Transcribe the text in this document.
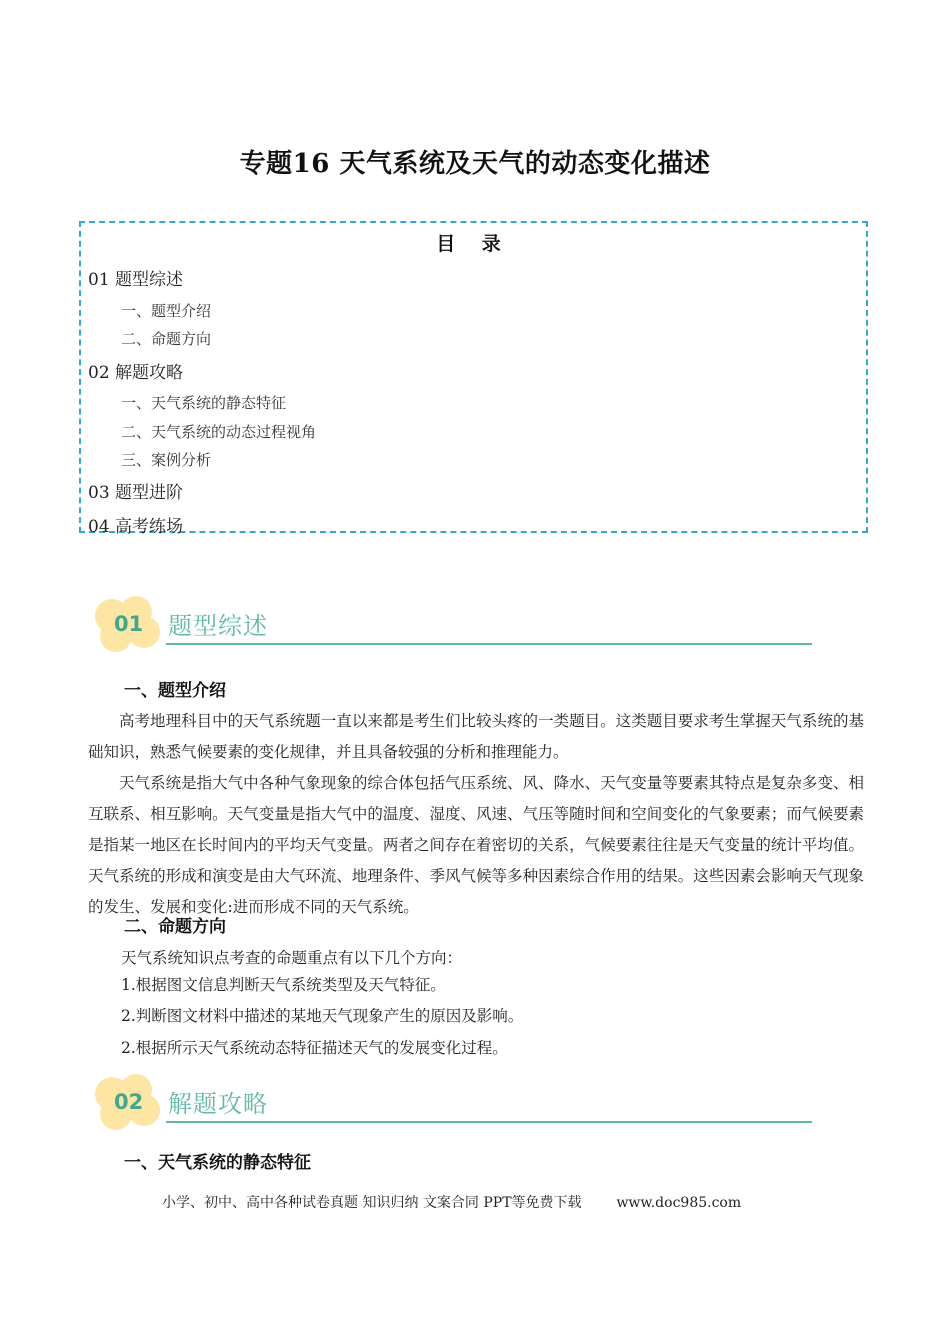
专题16 天气系统及天气的动态变化描述
目 录
01 题型综述
一、题型介绍
二、命题方向
02 解题攻略
一、天气系统的静态特征
二、天气系统的动态过程视角
三、案例分析
03 题型进阶
04 高考练场
01 题型综述
一、题型介绍
高考地理科目中的天气系统题一直以来都是考生们比较头疼的一类题目。这类题目要求考生掌握天气系统的基础知识，熟悉气候要素的变化规律，并且具备较强的分析和推理能力。
天气系统是指大气中各种气象现象的综合体包括气压系统、风、降水、天气变量等要素其特点是复杂多变、相互联系、相互影响。天气变量是指大气中的温度、湿度、风速、气压等随时间和空间变化的气象要素；而气候要素是指某一地区在长时间内的平均天气变量。两者之间存在着密切的关系，气候要素往往是天气变量的统计平均值。天气系统的形成和演变是由大气环流、地理条件、季风气候等多种因素综合作用的结果。这些因素会影响天气现象的发生、发展和变化:进而形成不同的天气系统。
二、命题方向
天气系统知识点考查的命题重点有以下几个方向：
1.根据图文信息判断天气系统类型及天气特征。
2.判断图文材料中描述的某地天气现象产生的原因及影响。
2.根据所示天气系统动态特征描述天气的发展变化过程。
02 解题攻略
一、天气系统的静态特征
小学、初中、高中各种试卷真题 知识归纳 文案合同 PPT等免费下载 www.doc985.com
